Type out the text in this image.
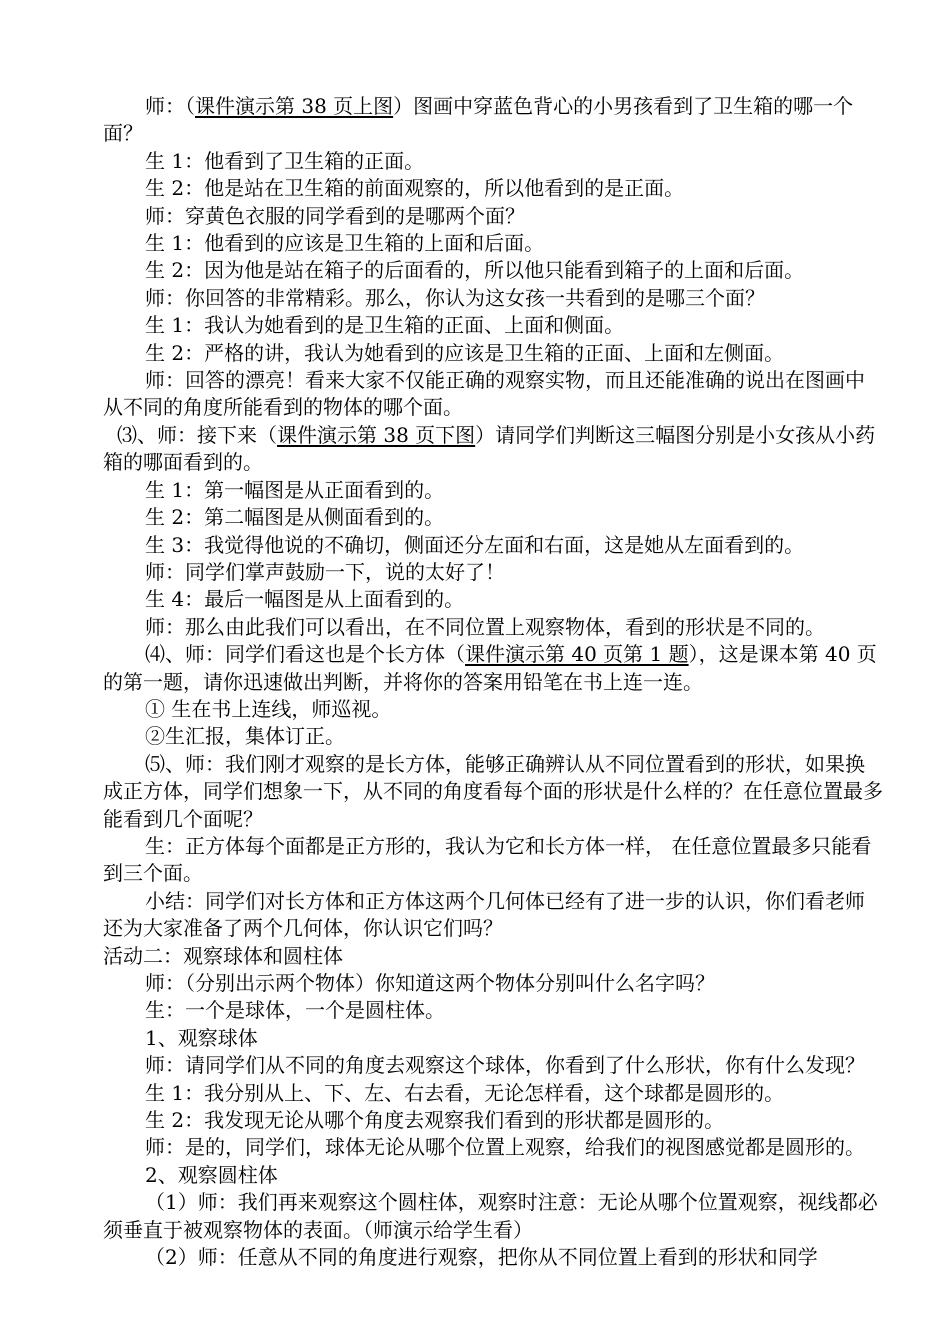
师：（课件演示第 38 页上图）图画中穿蓝色背心的小男孩看到了卫生箱的哪一个面？

生 1：他看到了卫生箱的正面。

生 2：他是站在卫生箱的前面观察的，所以他看到的是正面。

师：穿黄色衣服的同学看到的是哪两个面？

生 1：他看到的应该是卫生箱的上面和后面。

生 2：因为他是站在箱子的后面看的，所以他只能看到箱子的上面和后面。

师：你回答的非常精彩。那么，你认为这女孩一共看到的是哪三个面？

生 1：我认为她看到的是卫生箱的正面、上面和侧面。

生 2：严格的讲，我认为她看到的应该是卫生箱的正面、上面和左侧面。

师：回答的漂亮！看来大家不仅能正确的观察实物，而且还能准确的说出在图画中从不同的角度所能看到的物体的哪个面。

⑶、师：接下来（课件演示第 38 页下图）请同学们判断这三幅图分别是小女孩从小药箱的哪面看到的。

生 1：第一幅图是从正面看到的。

生 2：第二幅图是从侧面看到的。

生 3：我觉得他说的不确切，侧面还分左面和右面，这是她从左面看到的。

师：同学们掌声鼓励一下，说的太好了！

生 4：最后一幅图是从上面看到的。

师：那么由此我们可以看出，在不同位置上观察物体，看到的形状是不同的。

⑷、师：同学们看这也是个长方体（课件演示第 40 页第 1 题），这是课本第 40 页的第一题，请你迅速做出判断，并将你的答案用铅笔在书上连一连。

① 生在书上连线，师巡视。

②生汇报，集体订正。

⑸、师：我们刚才观察的是长方体，能够正确辨认从不同位置看到的形状，如果换成正方体，同学们想象一下，从不同的角度看每个面的形状是什么样的？在任意位置最多能看到几个面呢？

生：正方体每个面都是正方形的，我认为它和长方体一样， 在任意位置最多只能看到三个面。

小结：同学们对长方体和正方体这两个几何体已经有了进一步的认识，你们看老师还为大家准备了两个几何体，你认识它们吗？

活动二：观察球体和圆柱体

师：（分别出示两个物体）你知道这两个物体分别叫什么名字吗？

生：一个是球体，一个是圆柱体。

1、观察球体

师：请同学们从不同的角度去观察这个球体，你看到了什么形状，你有什么发现？

生 1：我分别从上、下、左、右去看，无论怎样看，这个球都是圆形的。

生 2：我发现无论从哪个角度去观察我们看到的形状都是圆形的。

师：是的，同学们，球体无论从哪个位置上观察，给我们的视图感觉都是圆形的。

2、观察圆柱体

（1）师：我们再来观察这个圆柱体，观察时注意：无论从哪个位置观察，视线都必须垂直于被观察物体的表面。（师演示给学生看）

（2）师：任意从不同的角度进行观察，把你从不同位置上看到的形状和同学
